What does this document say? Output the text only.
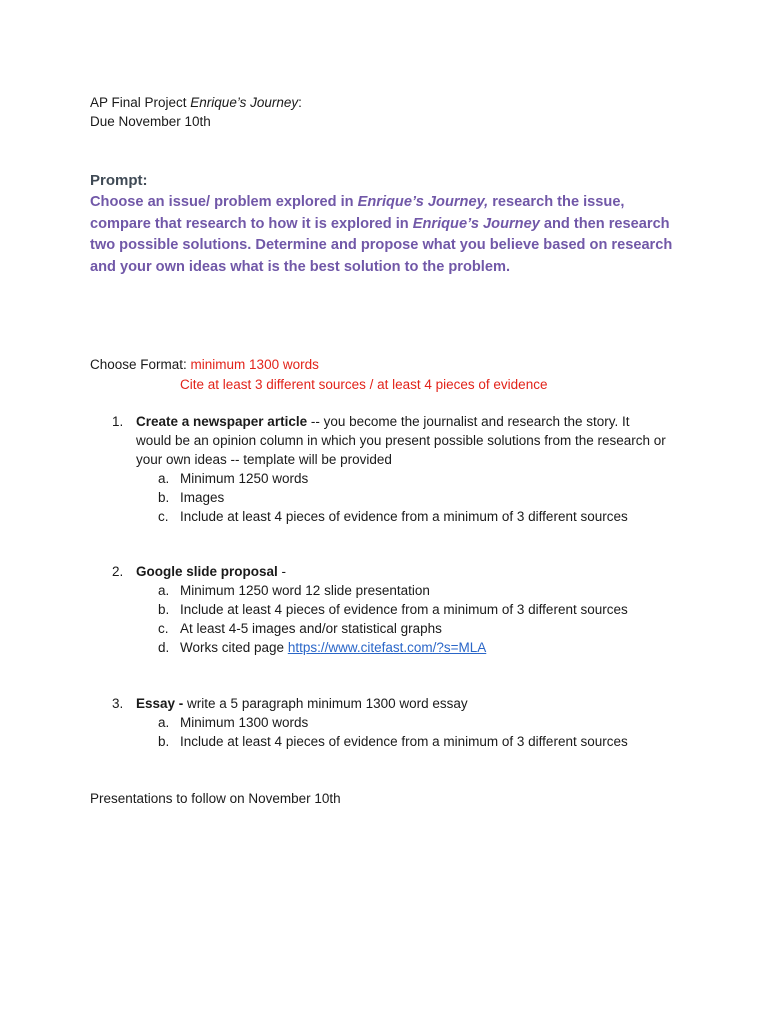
AP Final Project Enrique’s Journey:
Due November 10th
Prompt:
Choose an issue/ problem explored in Enrique’s Journey, research the issue, compare that research to how it is explored in Enrique’s Journey and then research two possible solutions. Determine and propose what you believe based on research and your own ideas what is the best solution to the problem.
Choose Format: minimum 1300 words
Cite at least 3 different sources / at least 4 pieces of evidence
1. Create a newspaper article -- you become the journalist and research the story. It
would be an opinion column in which you present possible solutions from the research or
your own ideas -- template will be provided
a. Minimum 1250 words
b. Images
c. Include at least 4 pieces of evidence from a minimum of 3 different sources
2. Google slide proposal -
a. Minimum 1250 word 12 slide presentation
b. Include at least 4 pieces of evidence from a minimum of 3 different sources
c. At least 4-5 images and/or statistical graphs
d. Works cited page https://www.citefast.com/?s=MLA
3. Essay - write a 5 paragraph minimum 1300 word essay
a. Minimum 1300 words
b. Include at least 4 pieces of evidence from a minimum of 3 different sources
Presentations to follow on November 10th
